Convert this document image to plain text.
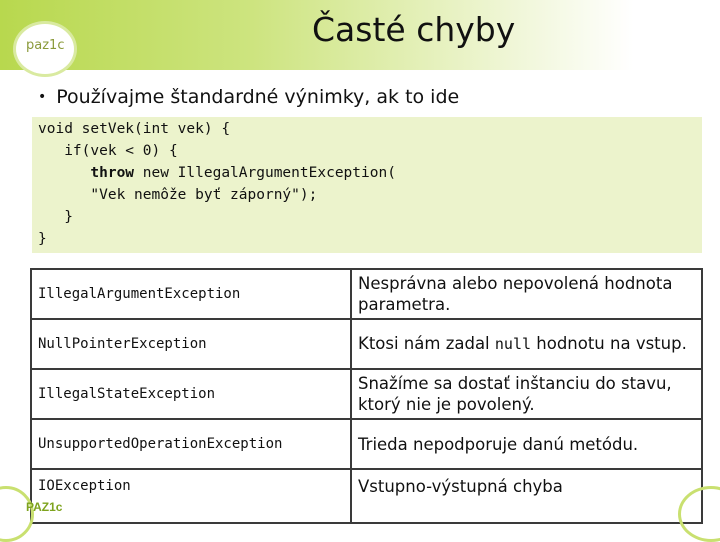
paz1c	Časté chyby
• Používajme štandardné výnimky, ak to ide
void setVek(int vek) {
if(vek < 0) {
throw new IllegalArgumentException(
"Vek nemôže byť záporný");
}
}
IllegalArgumentException	Nesprávna alebo nepovolená hodnota parametra.
NullPointerException	Ktosi nám zadal null hodnotu na vstup.
IllegalStateException	Snažíme sa dostať inštanciu do stavu, ktorý nie je povolený.
UnsupportedOperationException	Trieda nepodporuje danú metódu.
IOException	Vstupno-výstupná chyba
PAZ1c
